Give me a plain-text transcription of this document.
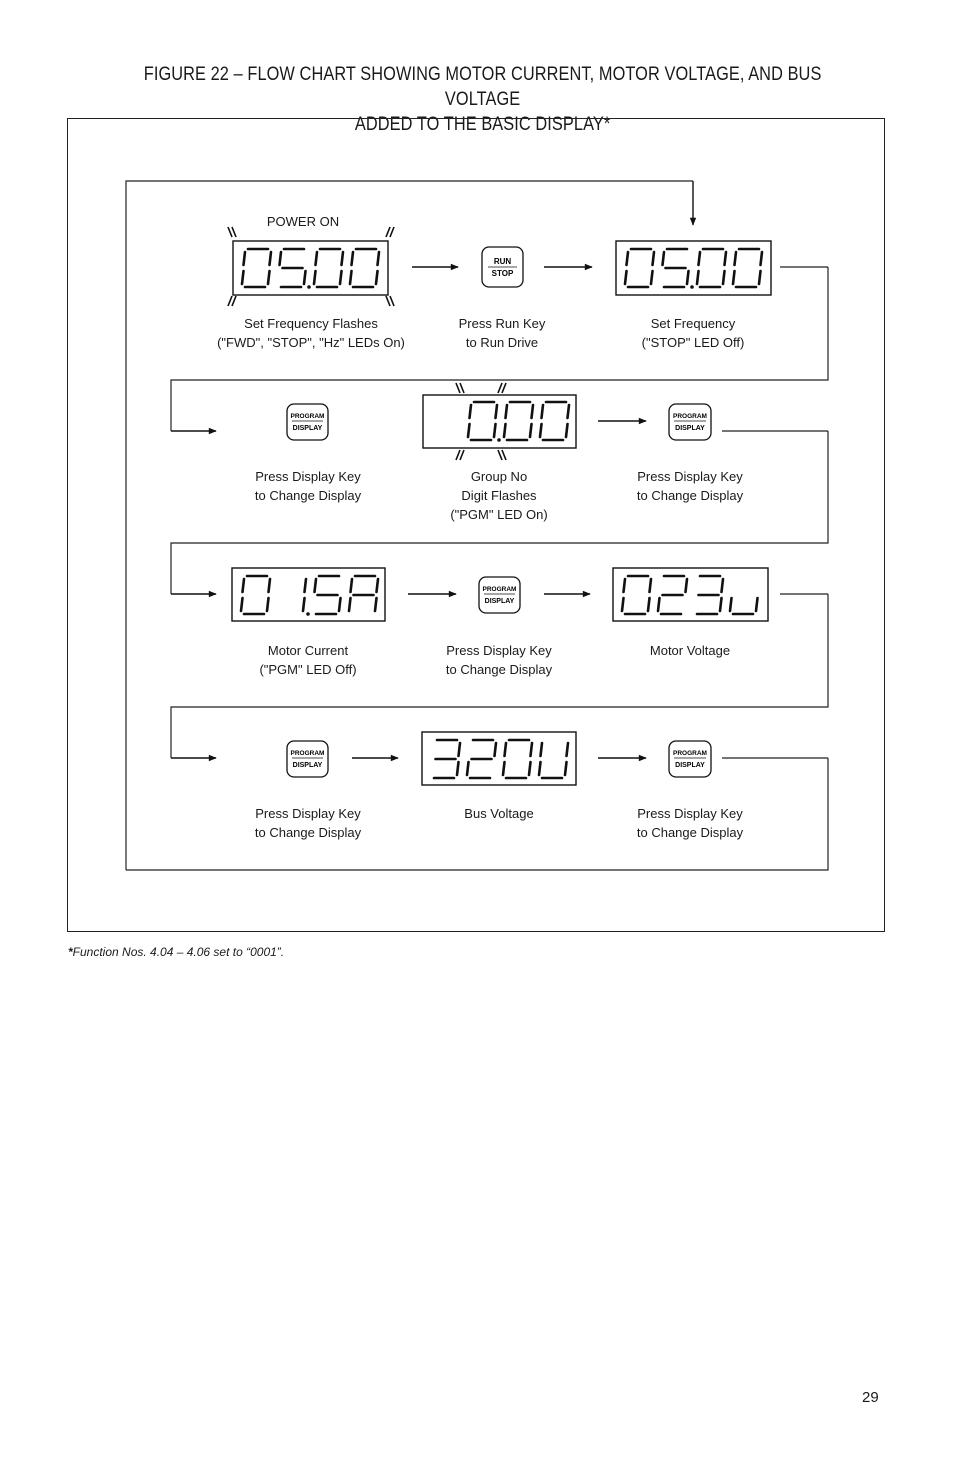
FIGURE 22 – FLOW CHART SHOWING MOTOR CURRENT, MOTOR VOLTAGE, AND BUS VOLTAGE
ADDED TO THE BASIC DISPLAY*
POWER ON
RUN
STOP
PROGRAM
DISPLAY
PROGRAM
DISPLAY
PROGRAM
DISPLAY
PROGRAM
DISPLAY
PROGRAM
DISPLAY
Set Frequency Flashes
("FWD", "STOP", "Hz" LEDs On)
Press Run Key
to Run Drive
Set Frequency
("STOP" LED Off)
Press Display Key
to Change Display
Group No
Digit Flashes
("PGM" LED On)
Press Display Key
to Change Display
Motor Current
("PGM" LED Off)
Press Display Key
to Change Display
Motor Voltage
Press Display Key
to Change Display
Bus Voltage	Press Display Key
to Change Display
*Function Nos. 4.04 – 4.06 set to “0001”.
29
